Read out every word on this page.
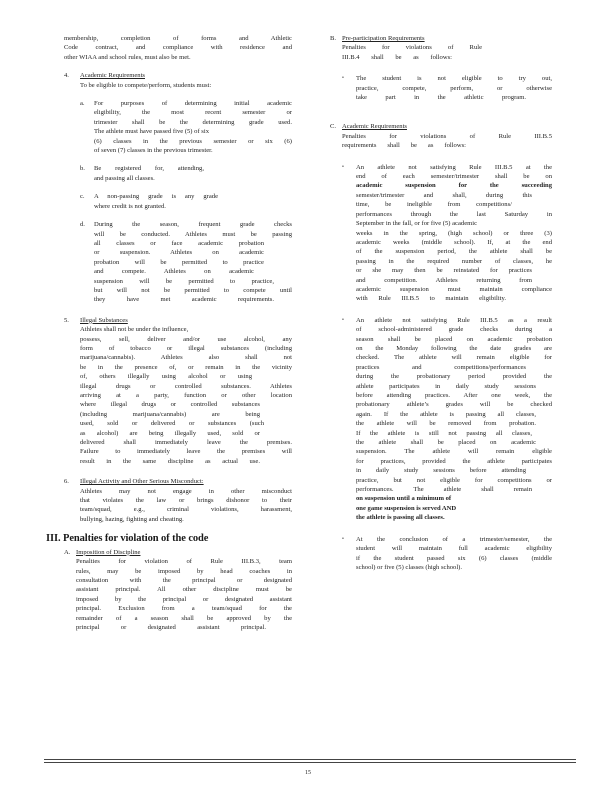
membership, completion of forms and Athletic
Code contract, and compliance with residence and
other WIAA and school rules, must also be met.
4. Academic Requirements
To be eligible to compete/perform, students must:
a. For purposes of determining initial academic
eligibility, the most recent semester or
trimester shall be the determining grade used.
The athlete must have passed five (5) of six
(6) classes in the previous semester or six (6)
of seven (7) classes in the previous trimester.
b. Be registered for, attending,
and passing all classes.
c. A non-passing grade is any grade
where credit is not granted.
d. During the season, frequent grade checks
will be conducted. Athletes must be passing
all classes or face academic probation
or suspension. Athletes on academic
probation will be permitted to practice
and compete. Athletes on academic
suspension will be permitted to practice,
but will not be permitted to compete until
they have met academic requirements.
5. Illegal Substances
Athletes shall not be under the influence,
possess, sell, deliver and/or use alcohol, any
form of tobacco or illegal substances (including
marijuana/cannabis). Athletes also shall not
be in the presence of, or remain in the vicinity
of, others illegally using alcohol or using
illegal drugs or controlled substances. Athletes
arriving at a party, function or other location
where illegal drugs or controlled substances
(including marijuana/cannabis) are being
used, sold or delivered or substances (such
as alcohol) are being illegally used, sold or
delivered shall immediately leave the premises.
Failure to immediately leave the premises will
result in the same discipline as actual use.
6. Illegal Activity and Other Serious Misconduct:
Athletes may not engage in other misconduct
that violates the law or brings dishonor to their
team/squad, e.g., criminal violations, harassment,
bullying, hazing, fighting and cheating.
III. Penalties for violation of the code
A. Imposition of Discipline
Penalties for violation of Rule III.B.3, team
rules, may be imposed by head coaches in
consultation with the principal or designated
assistant principal. All other discipline must be
imposed by the principal or designated assistant
principal. Exclusion from a team/squad for the
remainder of a season shall be approved by the
principal or designated assistant principal.
B. Pre-participation Requirements
Penalties for violations of Rule
III.B.4 shall be as follows:
• The student is not eligible to try out,
practice, compete, perform, or otherwise
take part in the athletic program.
C. Academic Requirements
Penalties for violations of Rule III.B.5
requirements shall be as follows:
• An athlete not satisfying Rule III.B.5 at the
end of each semester/trimester shall be on
academic suspension for the succeeding
semester/trimester and shall, during this
time, be ineligible from competitions/
performances through the last Saturday in
September in the fall, or for five (5) academic
weeks in the spring, (high school) or three (3)
academic weeks (middle school). If, at the end
of the suspension period, the athlete shall be
passing in the required number of classes, he
or she may then be reinstated for practices
and competition. Athletes returning from
academic suspension must maintain compliance
with Rule III.B.5 to maintain eligibility.
• An athlete not satisfying Rule III.B.5 as a result
of school-administered grade checks during a
season shall be placed on academic probation
on the Monday following the date grades are
checked. The athlete will remain eligible for
practices and competitions/performances
during the probationary period provided the
athlete participates in daily study sessions
before attending practices. After one week, the
probationary athlete’s grades will be checked
again. If the athlete is passing all classes,
the athlete will be removed from probation.
If the athlete is still not passing all classes,
the athlete shall be placed on academic
suspension. The athlete will remain eligible
for practices, provided the athlete participates
in daily study sessions before attending
practice, but not eligible for competitions or
performances. The athlete shall remain
on suspension until a minimum of
one game suspension is served AND
the athlete is passing all classes.
• At the conclusion of a trimester/semester, the
student will maintain full academic eligibility
if the student passed six (6) classes (middle
school) or five (5) classes (high school).
15
